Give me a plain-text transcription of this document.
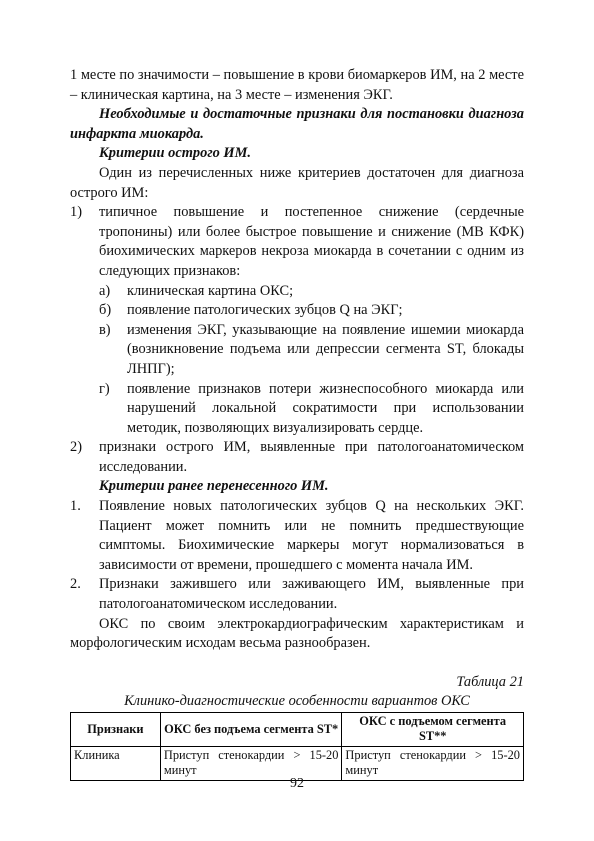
1 месте по значимости – повышение в крови биомаркеров ИМ, на 2 месте – клиническая картина, на 3 месте – изменения ЭКГ.

Необходимые и достаточные признаки для постановки диагноза инфаркта миокарда.

Критерии острого ИМ.

Один из перечисленных ниже критериев достаточен для диагноза острого ИМ:

1) типичное повышение и постепенное снижение (сердечные тропонины) или более быстрое повышение и снижение (МВ КФК) биохимических маркеров некроза миокарда в сочетании с одним из следующих признаков:
а) клиническая картина ОКС;
б) появление патологических зубцов Q на ЭКГ;
в) изменения ЭКГ, указывающие на появление ишемии миокарда (возникновение подъема или депрессии сегмента ST, блокады ЛНПГ);
г) появление признаков потери жизнеспособного миокарда или нарушений локальной сократимости при использовании методик, позволяющих визуализировать сердце.
2) признаки острого ИМ, выявленные при патологоанатомическом исследовании.

Критерии ранее перенесенного ИМ.

1. Появление новых патологических зубцов Q на нескольких ЭКГ. Пациент может помнить или не помнить предшествующие симптомы. Биохимические маркеры могут нормализоваться в зависимости от времени, прошедшего с момента начала ИМ.
2. Признаки зажившего или заживающего ИМ, выявленные при патологоанатомическом исследовании.

ОКС по своим электрокардиографическим характеристикам и морфологическим исходам весьма разнообразен.

Таблица 21

Клинико-диагностические особенности вариантов ОКС

Признаки	ОКС без подъема сегмента ST*	ОКС с подъемом сегмента ST**
Клиника	Приступ стенокардии > 15-20 минут	Приступ стенокардии > 15-20 минут
92
